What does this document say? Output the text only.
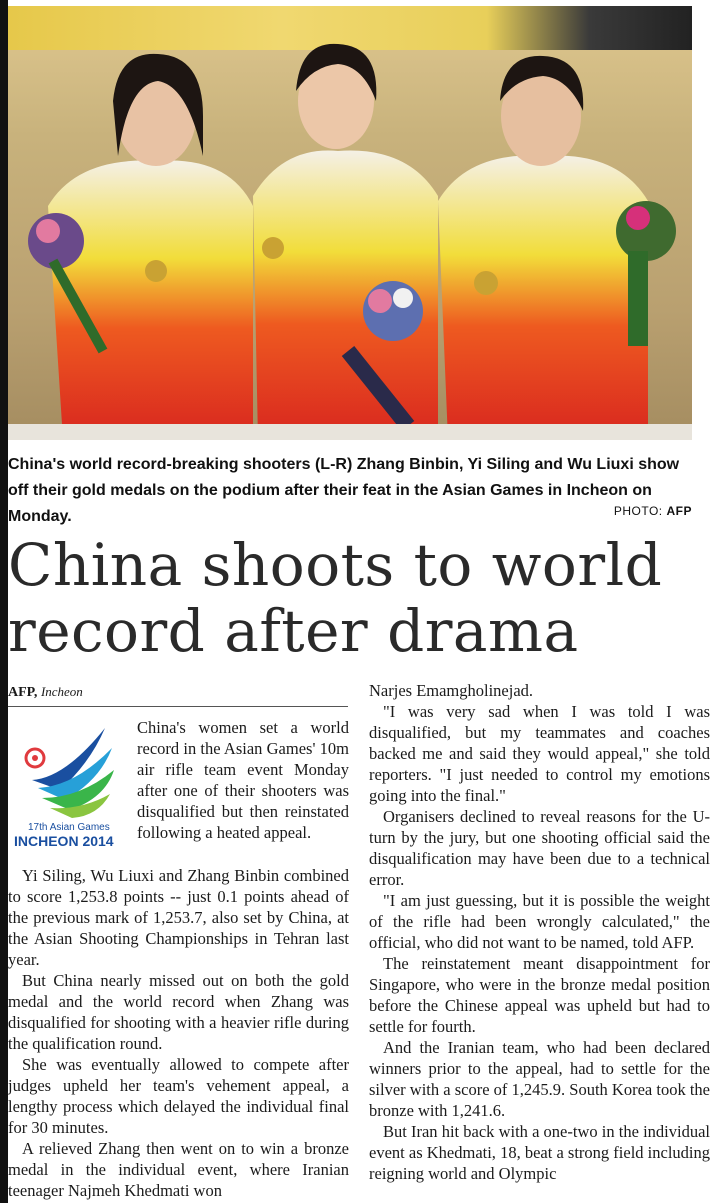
China's world record-breaking shooters (L-R) Zhang Binbin, Yi Siling and Wu Liuxi show off their gold medals on the podium after their feat in the Asian Games in Incheon on Monday.	PHOTO: AFP
China shoots to world record after drama
AFP, Incheon
17th Asian Games
INCHEON 2014

China's women set a world record in the Asian Games' 10m air rifle team event Monday after one of their shooters was disqualified but then reinstated following a heated appeal.

Yi Siling, Wu Liuxi and Zhang Binbin combined to score 1,253.8 points -- just 0.1 points ahead of the previous mark of 1,253.7, also set by China, at the Asian Shooting Championships in Tehran last year.

But China nearly missed out on both the gold medal and the world record when Zhang was disqualified for shooting with a heavier rifle during the qualification round.

She was eventually allowed to compete after judges upheld her team's vehement appeal, a lengthy process which delayed the individual final for 30 minutes.

A relieved Zhang then went on to win a bronze medal in the individual event, where Iranian teenager Najmeh Khedmati won

Narjes Emamgholinejad.

"I was very sad when I was told I was disqualified, but my teammates and coaches backed me and said they would appeal," she told reporters. "I just needed to control my emotions going into the final."

Organisers declined to reveal reasons for the U-turn by the jury, but one shooting official said the disqualification may have been due to a technical error.

"I am just guessing, but it is possible the weight of the rifle had been wrongly calculated," the official, who did not want to be named, told AFP.

The reinstatement meant disappointment for Singapore, who were in the bronze medal position before the Chinese appeal was upheld but had to settle for fourth.

And the Iranian team, who had been declared winners prior to the appeal, had to settle for the silver with a score of 1,245.9. South Korea took the bronze with 1,241.6.

But Iran hit back with a one-two in the individual event as Khedmati, 18, beat a strong field including reigning world and Olympic
